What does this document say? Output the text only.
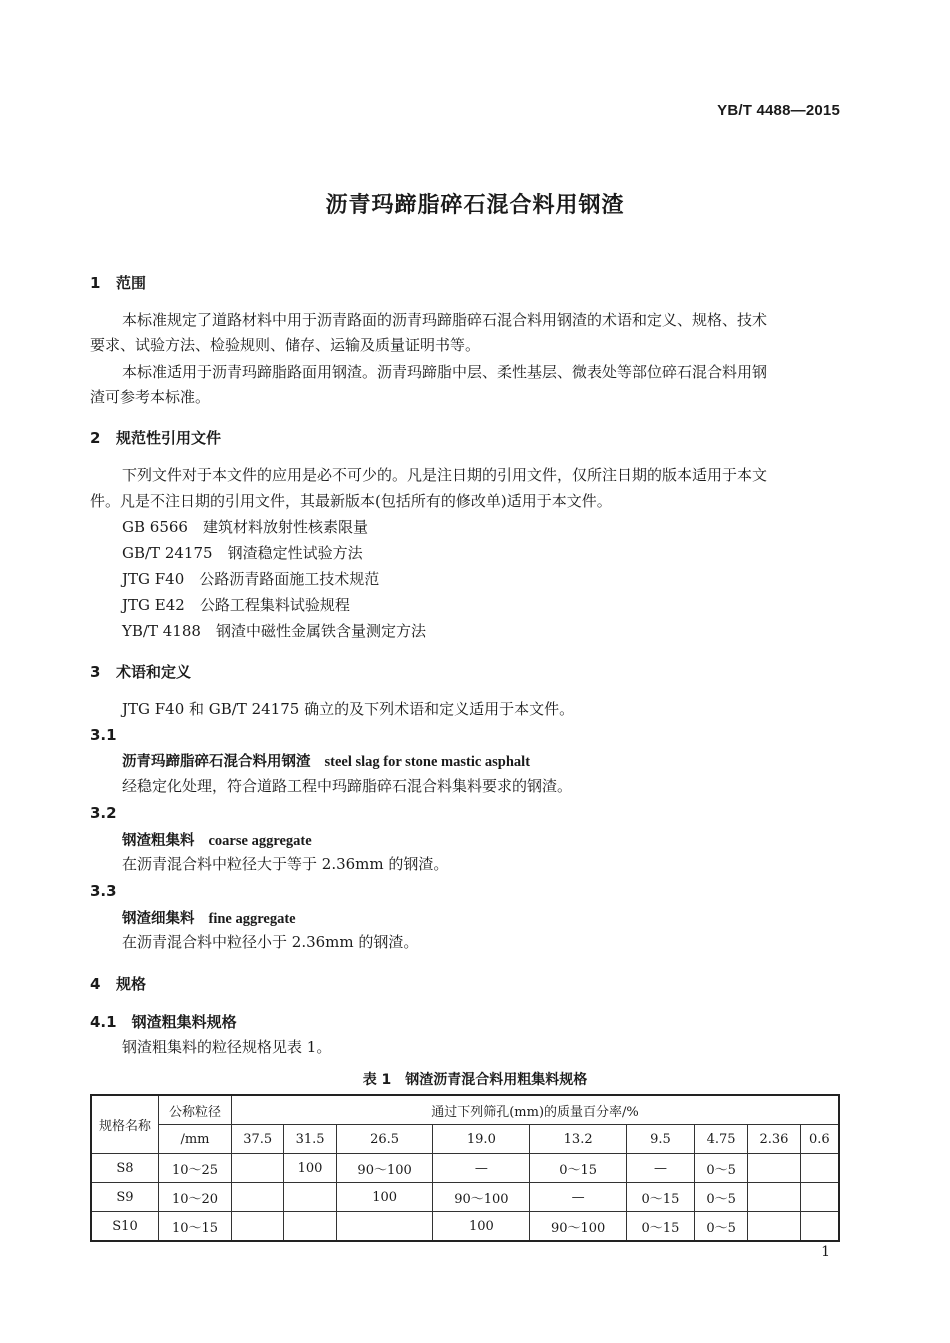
YB/T 4488—2015
沥青玛蹄脂碎石混合料用钢渣
1 范围
本标准规定了道路材料中用于沥青路面的沥青玛蹄脂碎石混合料用钢渣的术语和定义、规格、技术
要求、试验方法、检验规则、储存、运输及质量证明书等。
本标准适用于沥青玛蹄脂路面用钢渣。沥青玛蹄脂中层、柔性基层、微表处等部位碎石混合料用钢
渣可参考本标准。
2 规范性引用文件
下列文件对于本文件的应用是必不可少的。凡是注日期的引用文件，仅所注日期的版本适用于本文
件。凡是不注日期的引用文件，其最新版本(包括所有的修改单)适用于本文件。
GB 6566　 建筑材料放射性核素限量
GB/T 24175　 钢渣稳定性试验方法
JTG F40　 公路沥青路面施工技术规范
JTG E42　 公路工程集料试验规程
YB/T 4188　 钢渣中磁性金属铁含量测定方法
3 术语和定义
JTG F40 和 GB/T 24175 确立的及下列术语和定义适用于本文件。
3.1
沥青玛蹄脂碎石混合料用钢渣 steel slag for stone mastic asphalt
经稳定化处理，符合道路工程中玛蹄脂碎石混合料集料要求的钢渣。
3.2
钢渣粗集料 coarse aggregate
在沥青混合料中粒径大于等于 2.36mm 的钢渣。
3.3
钢渣细集料 fine aggregate
在沥青混合料中粒径小于 2.36mm 的钢渣。
4 规格
4.1　 钢渣粗集料规格
钢渣粗集料的粒径规格见表 1。
表 1　钢渣沥青混合料用粗集料规格
规格名称	公称粒径	通过下列筛孔(mm)的质量百分率/%								
	/mm	37.5	31.5	26.5	19.0	13.2	9.5	4.75	2.36	0.6
S8	10～25		100	90～100	—	0～15	—	0～5		
S9	10～20			100	90～100	—	0～15	0～5		
S10	10～15				100	90～100	0～15	0～5		
1
